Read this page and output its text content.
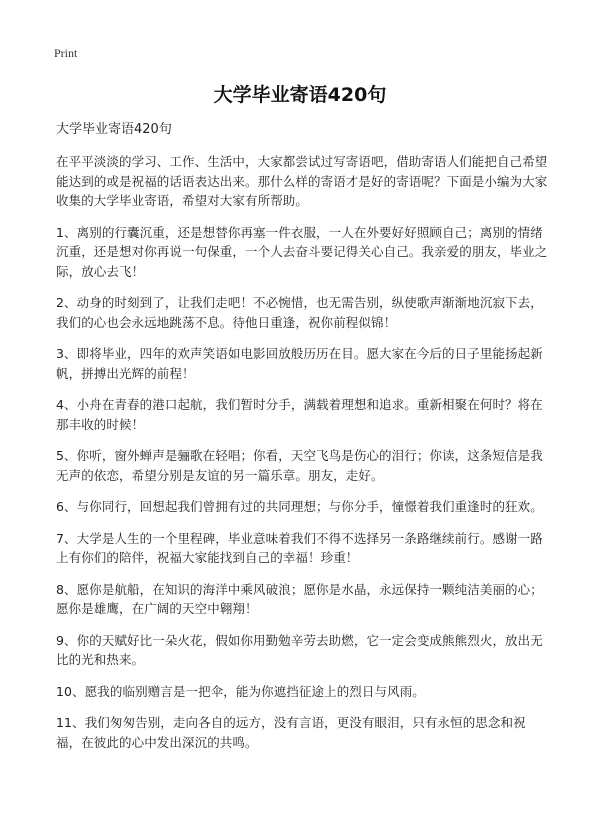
Print
大学毕业寄语420句

大学毕业寄语420句

在平平淡淡的学习、工作、生活中，大家都尝试过写寄语吧，借助寄语人们能把自己希望能达到的或是祝福的话语表达出来。那什么样的寄语才是好的寄语呢？下面是小编为大家收集的大学毕业寄语，希望对大家有所帮助。

1、离别的行囊沉重，还是想替你再塞一件衣服，一人在外要好好照顾自己；离别的情绪沉重，还是想对你再说一句保重，一个人去奋斗要记得关心自己。我亲爱的朋友，毕业之际，放心去飞！

2、动身的时刻到了，让我们走吧！不必惋惜，也无需告别，纵使歌声渐渐地沉寂下去，我们的心也会永远地跳荡不息。待他日重逢，祝你前程似锦！

3、即将毕业，四年的欢声笑语如电影回放般历历在目。愿大家在今后的日子里能扬起新帆，拼搏出光辉的前程！

4、小舟在青春的港口起航，我们暂时分手，满载着理想和追求。重新相聚在何时？将在那丰收的时候！

5、你听，窗外蝉声是骊歌在轻唱；你看，天空飞鸟是伤心的泪行；你读，这条短信是我无声的依恋，希望分别是友谊的另一篇乐章。朋友，走好。

6、与你同行，回想起我们曾拥有过的共同理想；与你分手，憧憬着我们重逢时的狂欢。

7、大学是人生的一个里程碑，毕业意味着我们不得不选择另一条路继续前行。感谢一路上有你们的陪伴，祝福大家能找到自己的幸福！珍重！

8、愿你是航船，在知识的海洋中乘风破浪；愿你是水晶，永远保持一颗纯洁美丽的心；愿你是雄鹰，在广阔的天空中翱翔！

9、你的天赋好比一朵火花，假如你用勤勉辛劳去助燃，它一定会变成熊熊烈火，放出无比的光和热来。

10、愿我的临别赠言是一把伞，能为你遮挡征途上的烈日与风雨。

11、我们匆匆告别，走向各自的远方，没有言语，更没有眼泪，只有永恒的思念和祝福，在彼此的心中发出深沉的共鸣。
